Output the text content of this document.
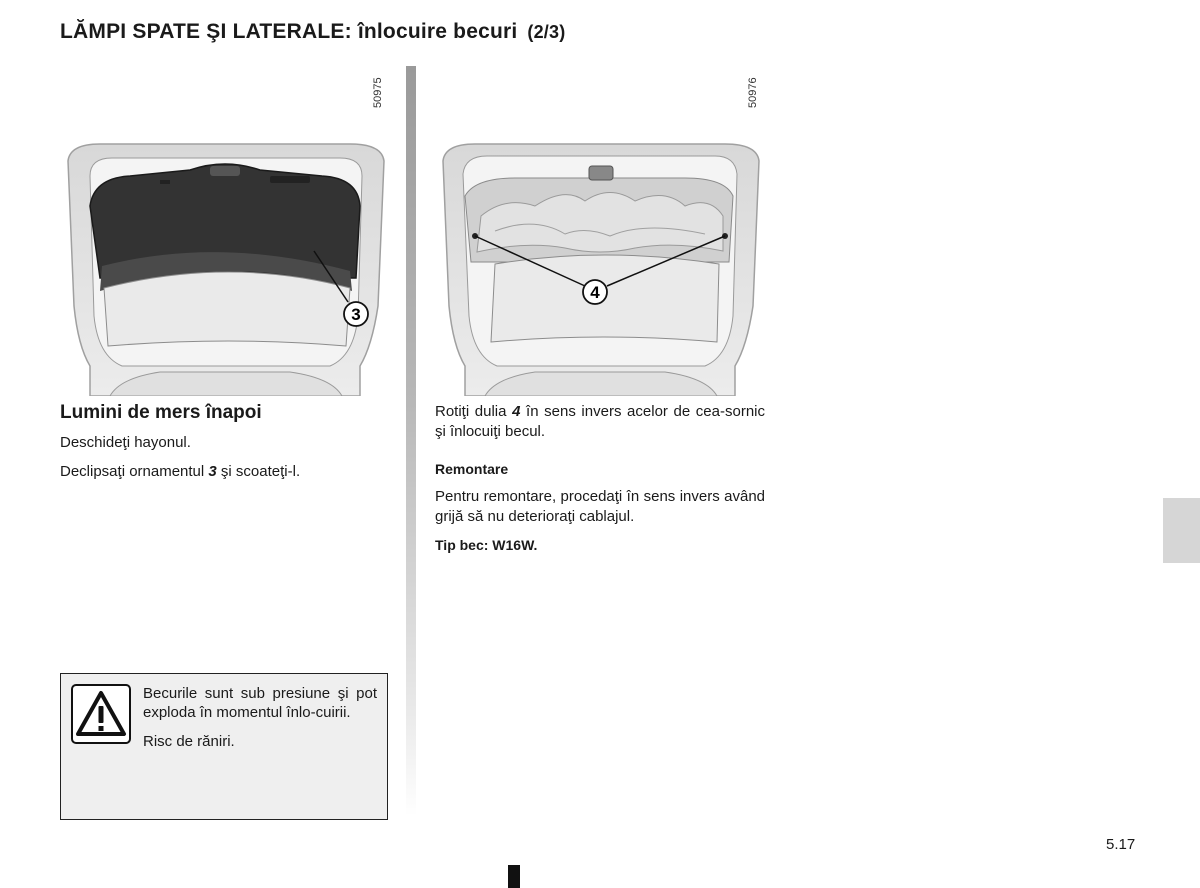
LĂMPI SPATE ŞI LATERALE: înlocuire becuri (2/3)
3
50975
4
50976
Lumini de mers înapoi

Deschideţi hayonul.

Declipsaţi ornamentul 3 şi scoateţi-l.

Becurile sunt sub presiune şi pot exploda în momentul înlo-cuirii.

Risc de răniri.

Rotiţi dulia 4 în sens invers acelor de cea-sornic şi înlocuiţi becul.

Remontare

Pentru remontare, procedaţi în sens invers având grijă să nu deterioraţi cablajul.

Tip bec: W16W.

5.17
